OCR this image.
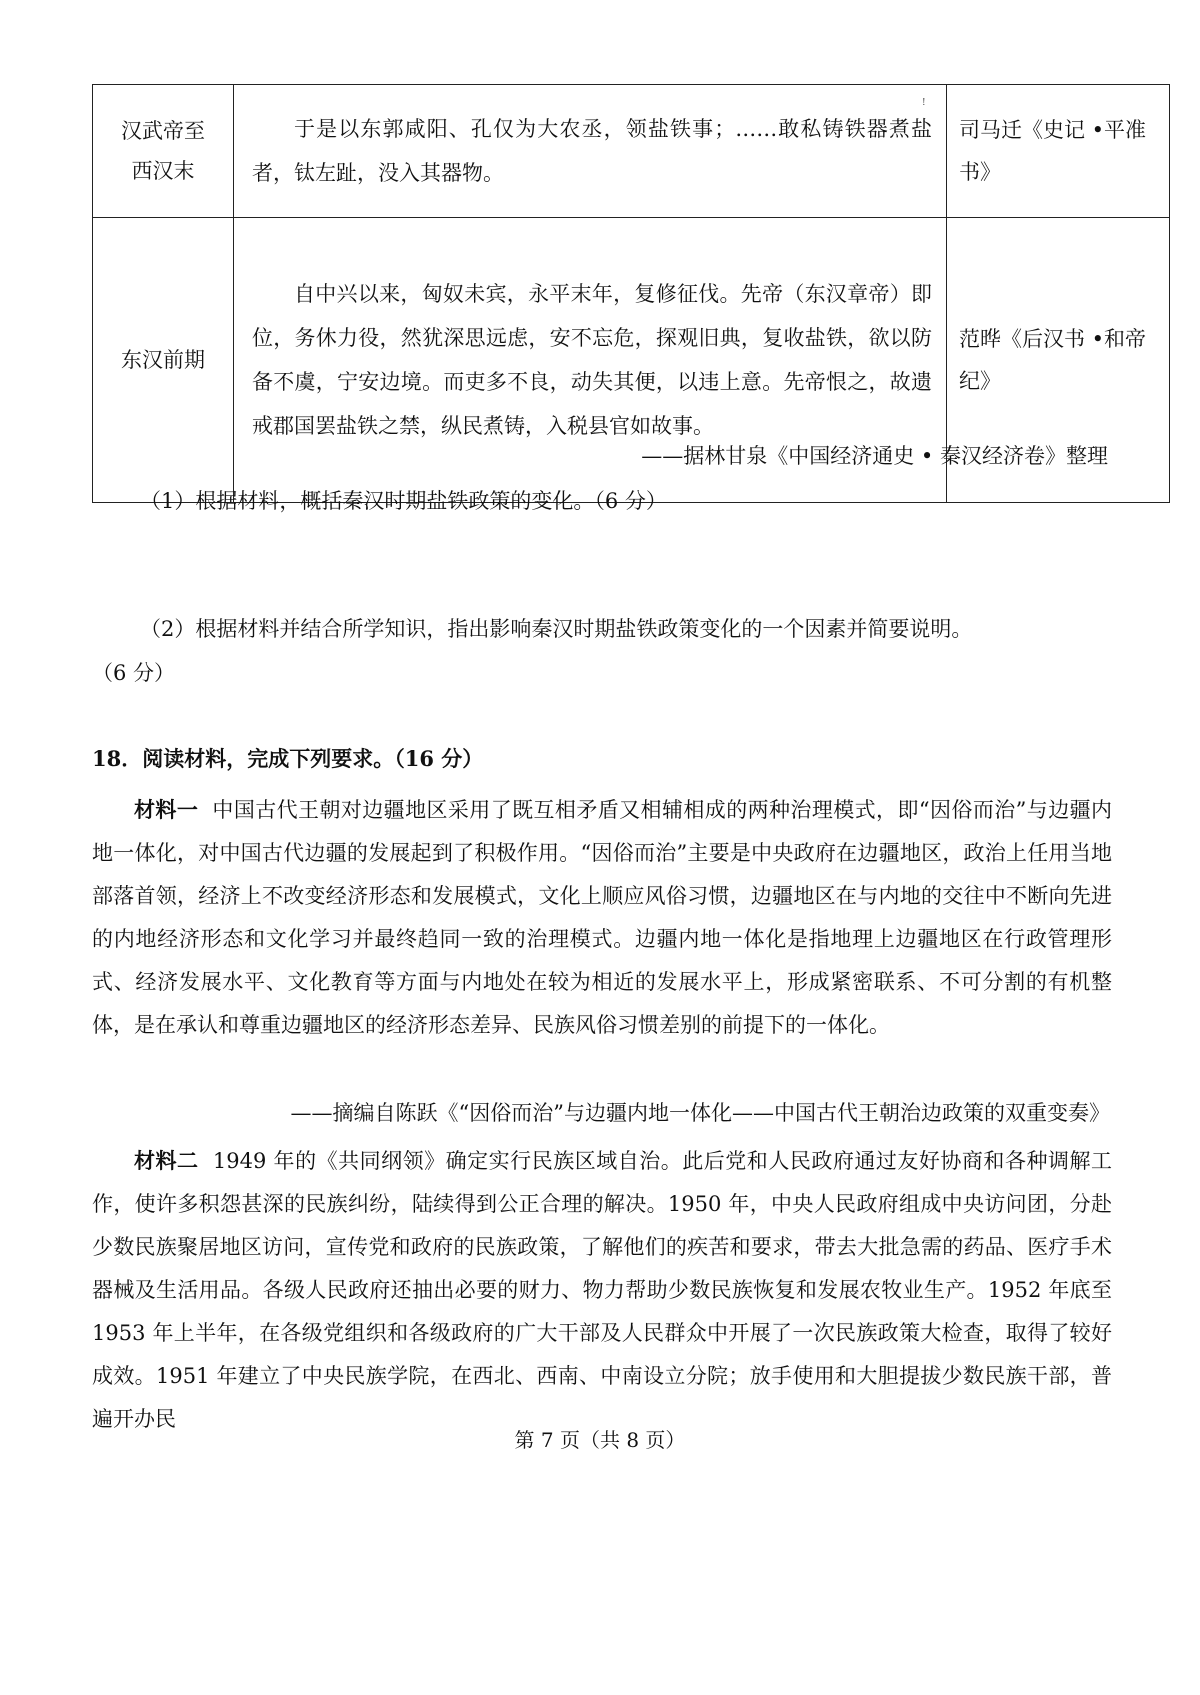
汉武帝至
西汉末	于是以东郭咸阳、孔仅为大农丞，领盐铁事；……敢私铸铁器煮盐者，钛左趾，没入其器物。	司马迁《史记 •平准书》
东汉前期	自中兴以来，匈奴未宾，永平末年，复修征伐。先帝（东汉章帝）即位，务休力役，然犹深思远虑，安不忘危，探观旧典，复收盐铁，欲以防备不虞，宁安边境。而吏多不良，动失其便，以违上意。先帝恨之，故遗戒郡国罢盐铁之禁，纵民煮铸，入税县官如故事。	范晔《后汉书 •和帝纪》
!
——据林甘泉《中国经济通史 • 秦汉经济卷》整理
（1）根据材料，概括秦汉时期盐铁政策的变化。（6 分）
（2）根据材料并结合所学知识，指出影响秦汉时期盐铁政策变化的一个因素并简要说明。
（6 分）
18．阅读材料，完成下列要求。（16 分）

材料一 中国古代王朝对边疆地区采用了既互相矛盾又相辅相成的两种治理模式，即“因俗而治”与边疆内地一体化，对中国古代边疆的发展起到了积极作用。“因俗而治”主要是中央政府在边疆地区，政治上任用当地部落首领，经济上不改变经济形态和发展模式，文化上顺应风俗习惯，边疆地区在与内地的交往中不断向先进的内地经济形态和文化学习并最终趋同一致的治理模式。边疆内地一体化是指地理上边疆地区在行政管理形式、经济发展水平、文化教育等方面与内地处在较为相近的发展水平上，形成紧密联系、不可分割的有机整体，是在承认和尊重边疆地区的经济形态差异、民族风俗习惯差别的前提下的一体化。

——摘编自陈跃《“因俗而治”与边疆内地一体化——中国古代王朝治边政策的双重变奏》

材料二 1949 年的《共同纲领》确定实行民族区域自治。此后党和人民政府通过友好协商和各种调解工作，使许多积怨甚深的民族纠纷，陆续得到公正合理的解决。1950 年，中央人民政府组成中央访问团，分赴少数民族聚居地区访问，宣传党和政府的民族政策，了解他们的疾苦和要求，带去大批急需的药品、医疗手术器械及生活用品。各级人民政府还抽出必要的财力、物力帮助少数民族恢复和发展农牧业生产。1952 年底至 1953 年上半年，在各级党组织和各级政府的广大干部及人民群众中开展了一次民族政策大检查，取得了较好成效。1951 年建立了中央民族学院，在西北、西南、中南设立分院；放手使用和大胆提拔少数民族干部，普遍开办民

第 7 页（共 8 页）
